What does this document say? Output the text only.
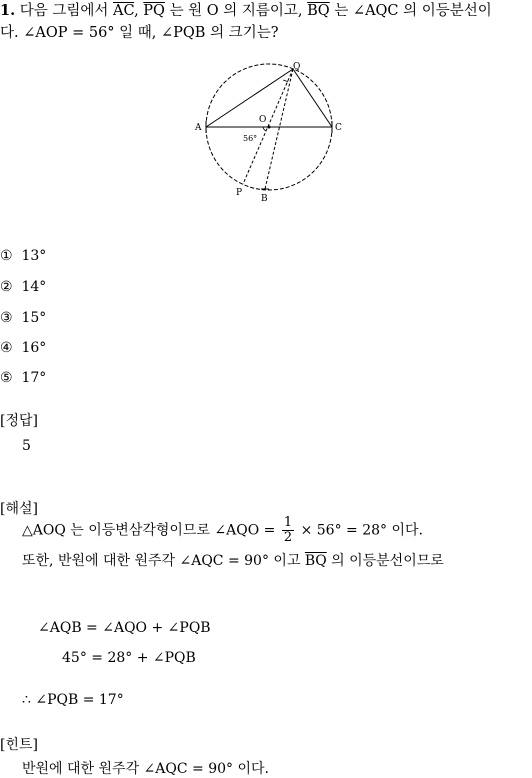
1. 다음 그림에서 $\overline{AC}$, $\overline{PQ}$ 는 원 O 의 지름이고, $\overline{BQ}$ 는 ∠AQC 의 이등분선이
다. ∠AOP = 56° 일 때, ∠PQB 의 크기는?
Q
A	C
O
P
B
56°
① 13°
② 14°
③ 15°
④ 16°
⑤ 17°
[정답]
5
[해설]
△AOQ 는 이등변삼각형이므로 ∠AQO = $\frac{1}{2} \times 56^\circ = 28^\circ$ 이다.
또한, 반원에 대한 원주각 ∠AQC = 90° 이고 $\overline{BQ}$ 의 이등분선이므로
∠AQB = ∠AQO + ∠PQB
45° = 28° + ∠PQB
∴ ∠PQB = 17°
[힌트]
반원에 대한 원주각 ∠AQC = 90° 이다.
